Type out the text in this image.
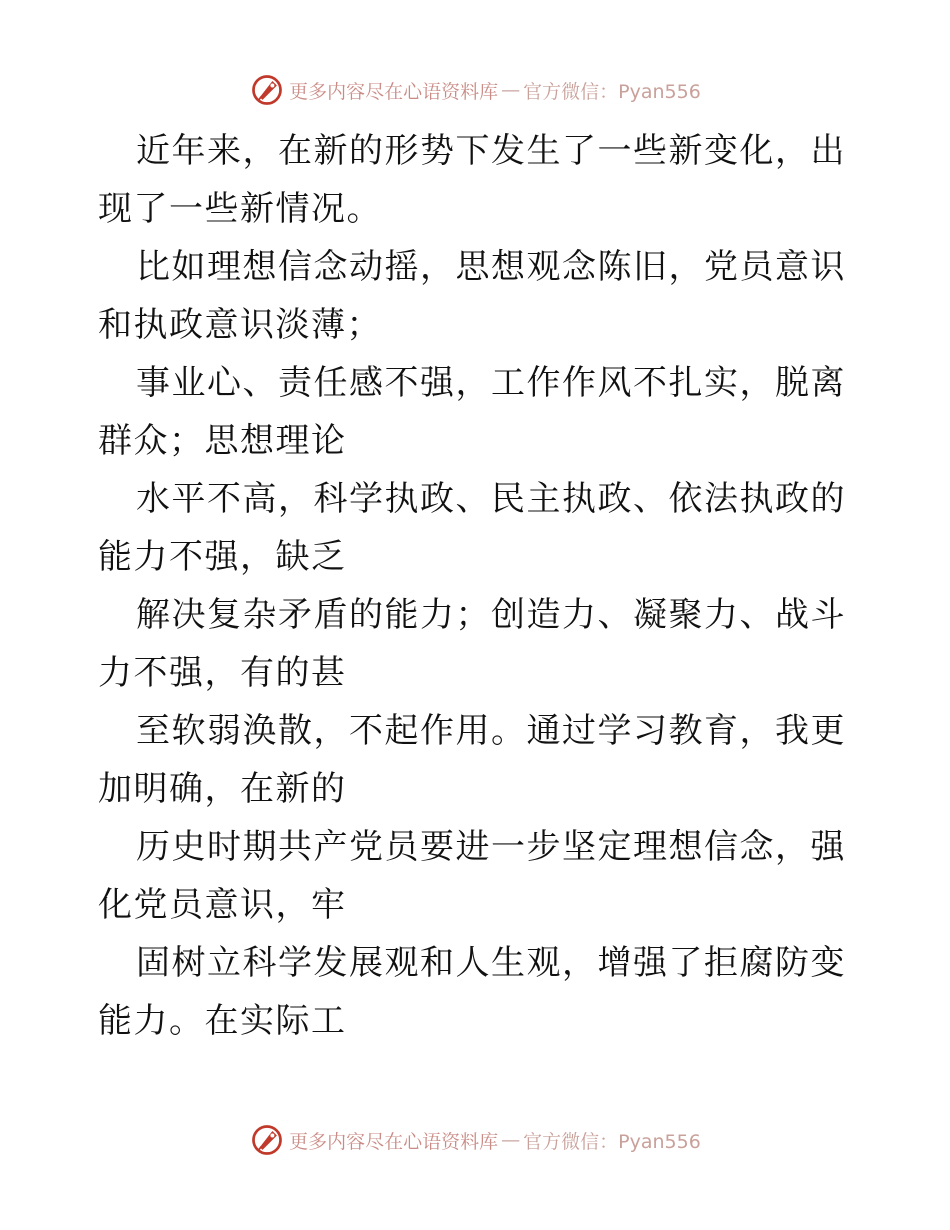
更多内容尽在心语资料库 — 官方微信：Pyan556

近年来，在新的形势下发生了一些新变化，出现了一些新情况。

比如理想信念动摇，思想观念陈旧，党员意识和执政意识淡薄；

事业心、责任感不强，工作作风不扎实，脱离群众；思想理论

水平不高，科学执政、民主执政、依法执政的能力不强，缺乏

解决复杂矛盾的能力；创造力、凝聚力、战斗力不强，有的甚

至软弱涣散，不起作用。通过学习教育，我更加明确，在新的

历史时期共产党员要进一步坚定理想信念，强化党员意识，牢

固树立科学发展观和人生观，增强了拒腐防变能力。在实际工

更多内容尽在心语资料库 — 官方微信：Pyan556
